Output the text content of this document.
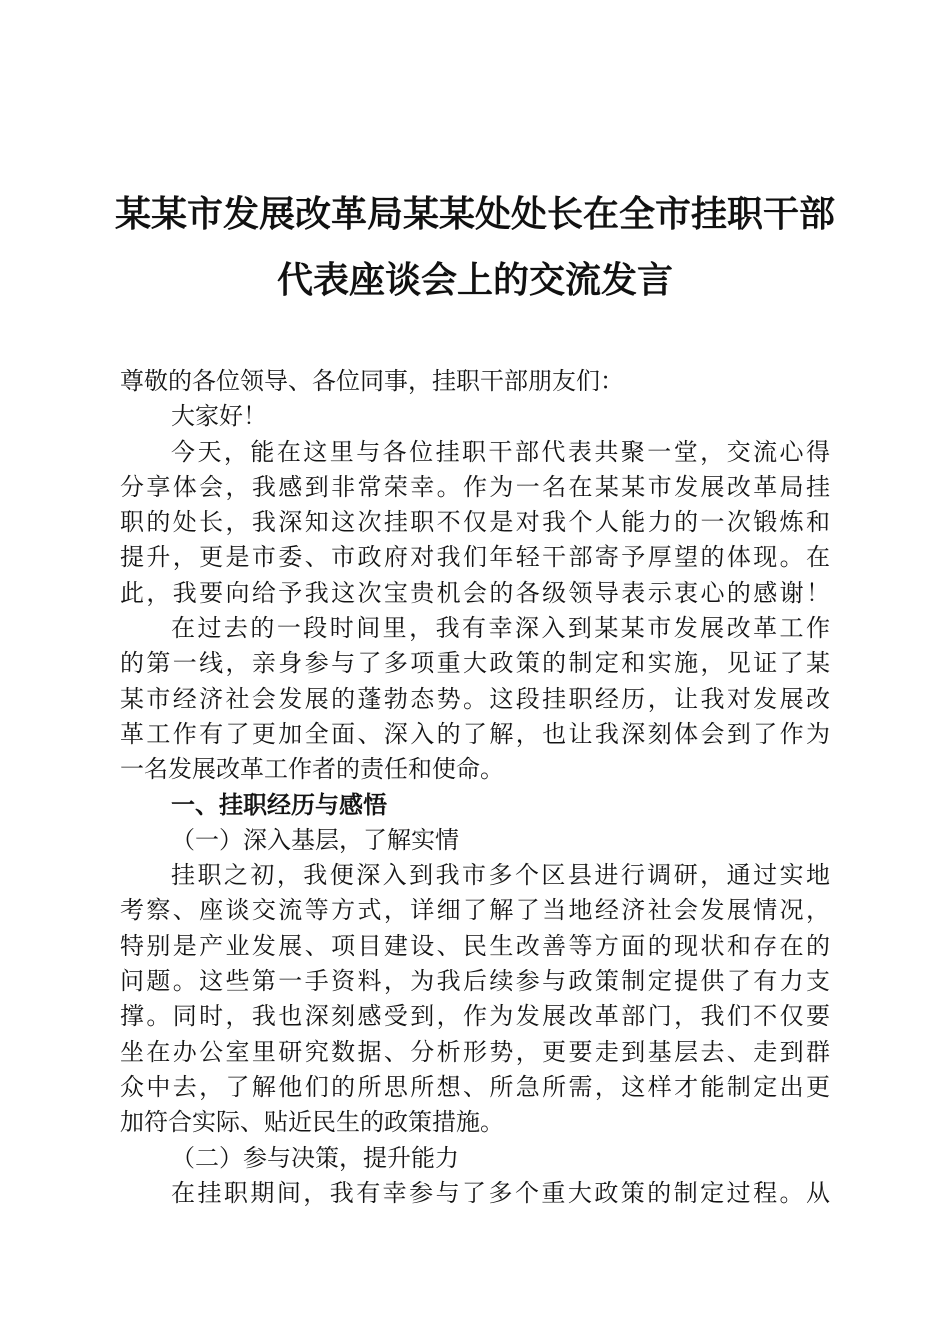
某某市发展改革局某某处处长在全市挂职干部
代表座谈会上的交流发言
尊敬的各位领导、各位同事，挂职干部朋友们：
大家好！
今天，能在这里与各位挂职干部代表共聚一堂，交流心得
分享体会，我感到非常荣幸。作为一名在某某市发展改革局挂
职的处长，我深知这次挂职不仅是对我个人能力的一次锻炼和
提升，更是市委、市政府对我们年轻干部寄予厚望的体现。在
此，我要向给予我这次宝贵机会的各级领导表示衷心的感谢！
在过去的一段时间里，我有幸深入到某某市发展改革工作
的第一线，亲身参与了多项重大政策的制定和实施，见证了某
某市经济社会发展的蓬勃态势。这段挂职经历，让我对发展改
革工作有了更加全面、深入的了解，也让我深刻体会到了作为
一名发展改革工作者的责任和使命。
一、挂职经历与感悟
（一）深入基层，了解实情
挂职之初，我便深入到我市多个区县进行调研，通过实地
考察、座谈交流等方式，详细了解了当地经济社会发展情况，
特别是产业发展、项目建设、民生改善等方面的现状和存在的
问题。这些第一手资料，为我后续参与政策制定提供了有力支
撑。同时，我也深刻感受到，作为发展改革部门，我们不仅要
坐在办公室里研究数据、分析形势，更要走到基层去、走到群
众中去，了解他们的所思所想、所急所需，这样才能制定出更
加符合实际、贴近民生的政策措施。
（二）参与决策，提升能力
在挂职期间，我有幸参与了多个重大政策的制定过程。从
